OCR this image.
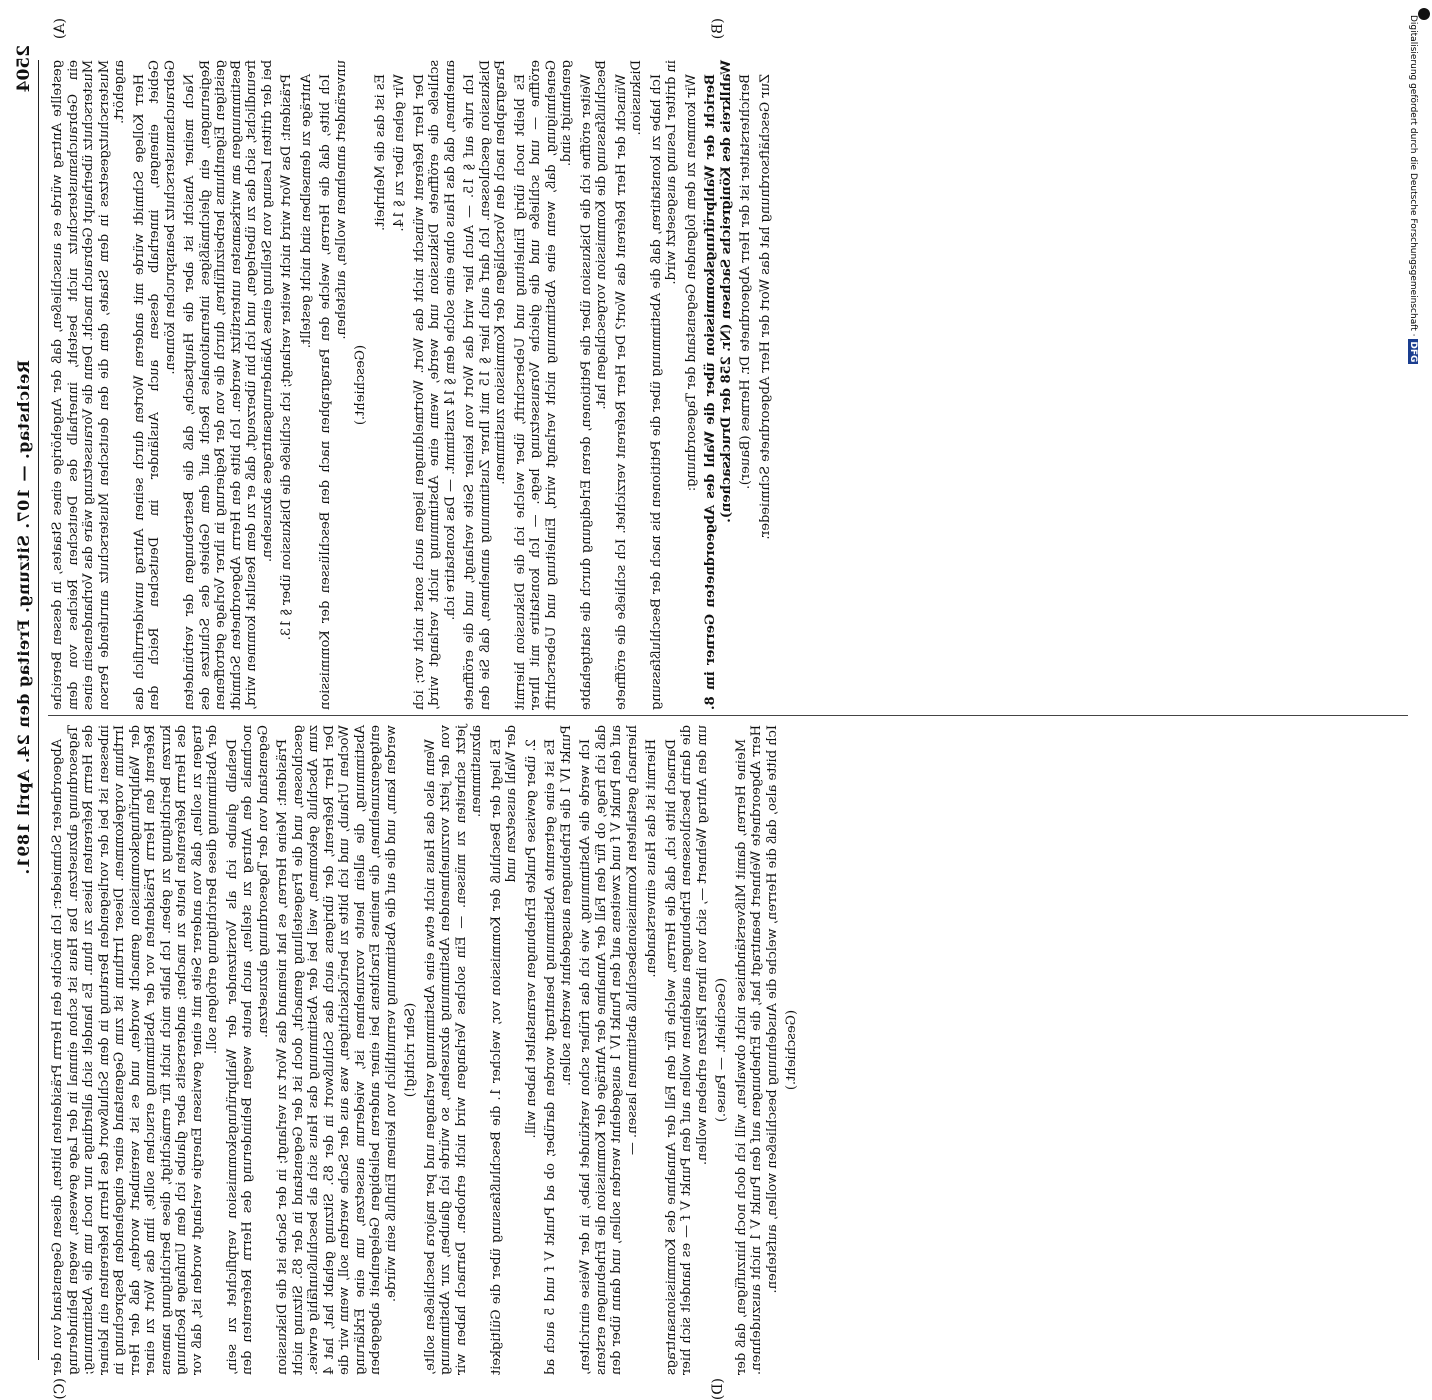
2504
Reichstag. — 107. Sitzung. Freitag den 24. April 1891.
(A)	(B)
(C)	(D)

gestellte Antrag würde es ausschließen, daß der Angehörige eines Staates, in dessen Bereiche ein Gebrauchsmusterschutz nicht besteht, innerhalb des Deutschen Reiches von dem Musterschutz überhaupt Gebrauch macht. Denn die Voraussetzung wäre das Vorhandensein eines Musterschutzgesetzes in dem Staate, dem die den deutschen Musterschutz anrufende Person angehört. Herr Kollege Schmidt würde mit anderen Worten durch seinen Antrag unwiderruflich das Gebiet einengen, innerhalb dessen auch Ausländer im Deutschen Reich den Gebrauchsmusterschutz beanspruchen können. Nach meiner Ansicht ist aber die Hauptsache, daß die Bestrebungen der verbündeten Regierungen, ein gleichmäßiges internationales Recht auf dem Gebiete des Schutzes des geistigen Eigenthums herbeizuführen, durch die von der Regierung in ihrer Vorlage getroffenen Bestimmungen am wirksamsten unterstützt werden. Ich bitte den Herrn Abgeordneten Schmidt freundlichst, sich das zu überlegen, und ich bin überzeugt, daß er zu dem Resultat kommen wird, bei der dritten Lesung von Stellung eines Abänderungsantrages abzusehen. Präsident: Das Wort wird nicht weiter verlangt; ich schließe die Diskussion über § 13. Anträge zu demselben sind nicht gestellt. Ich bitte, daß die Herren, welche den Paragraphen nach den Beschlüssen der Kommission unverändert annehmen wollen, aufstehen.

(Geschieht.)

Es ist das die Mehrheit. Wir gehen über zu § 14. Der Herr Referent wünscht nicht das Wort. Wortmeldungen liegen auch sonst nicht vor; ich schließe die eröffnete Diskussion und werde, wenn eine Abstimmung nicht verlangt wird, annehmen, daß das Haus ohne eine solche dem § 14 zustimmt. — Das konstatire ich. Ich rufe auf § 15. — Auch hier wird das Wort von keiner Seite verlangt, und die eröffnete Diskussion geschlossen. Ich darf auch hier § 15 mit Ihrer Zustimmung annehmen, daß Sie den Paragraphen nach den Vorschlägen der Kommission zustimmen. Es bleibt noch übrig Einleitung und Ueberschrift, über welche ich die Diskussion hiermit eröffne — und schließe und die gleiche Voraussetzung hege. — Ich konstatire mit Ihrer Genehmigung, daß, wenn eine Abstimmung nicht verlangt wird, Einleitung und Ueberschrift genehmigt sind. Weiter eröffne ich die Diskussion über die Petitionen, deren Erledigung durch die stattgehabte Beschlußfassung die Kommission vorgeschlagen hat. Wünscht der Herr Referent das Wort? Der Herr Referent verzichtet. Ich schließe die eröffnete Diskussion. Ich habe zu konstatiren, daß die Abstimmung über die Petitionen bis nach der Beschlußfassung in dritter Lesung ausgesetzt wird. Wir kommen zu dem folgenden Gegenstand der Tagesordnung: Bericht der Wahlprüfungskommission über die Wahl des Abgeordneten Gerner im 8. Wahlkreis des Königreichs Sachsen (Nr. 258 der Drucksachen). Berichterstatter ist der Herr Abgeordnete Dr. Hermes (Bauer). Zur Geschäftsordnung hat das Wort der Herr Abgeordnete Schmieder.

Abgeordneter Schmieder: Ich möchte den Herrn Präsidenten bitten, diesen Gegenstand von der Tagesordnung abzusetzen. Das Haus ist schon einmal in der Lage gewesen, wegen Behinderung des Herrn Referenten hiess zu thun. Es handelt sich allerdings nur noch um die Abstimmung; inbessen ist bei der vorliegenden Beratung in dem Schlußwort des Herrn Referenten ein kleiner Irrthum vorgekommen. Dieser Irrthum ist zum Gegenstand einer eingehenden Besprechung in der Wahlprüfungskommission gemacht worden, und es ist vereinbart worden, daß der Herr Referent den Herrn Präsidenten vor der Abstimmung ersuchen sollte, ihm das Wort zu einer kurzen Berichtigung zu geben. Ich halte mich nicht für ermächtigt, diese Berichtigung namens des Herrn Referenten heute zu machen; andererseits aber glaube ich dem Umfange Rechnung tragen zu sollen, daß von anderer Seite mit einer gewissen Energie verlangt worden ist, daß vor der Abstimmung diese Berichtigung erfolgen soll. Deshalb glaube ich als Vorsitzender der Wahlprüfungskommission verpflichtet zu sein, nochmals den Antrag zu stellen, auch heute wegen Behinderung des Herrn Referenten den Gegenstand von der Tagesordnung abzusetzen. Präsident: Meine Herren, es hat niemand das Wort zu verlangt; in der Sache ist die Diskussion geschlossen, und die Fragestellung gemacht, doch ist der Gegenstand in der 85. Sitzung nicht zum Abschluß gekommen, weil bei der Abstimmung das Haus sich als beschlußunfähig erwies. Der Herr Referent, der übrigens auch das Schlußwort in der 85. Sitzung gehabt hat, hat 4 Wochen Urlaub, und ich bitte zu berücksichtigen, was aus der Sache werden soll, wenn wir die Abstimmung, die allein heute vorzunehmen ist, wiederum aussetzen, um eine Erklärung entgegenzunehmen, die meines Erachtens bei einer anderen beliebigen Gelegenheit abgegeben werden kann, und die auf die Abstimmung vermuthlich von keinem Einfluß sein würde. (Sehr richtig!) Wenn also das Haus nicht etwa eine Abstimmung verlangen und per majora beschließen sollte, von der jetzt vorzunehmenden Abstimmung abzusehen, so würde ich glauben, zur Abstimmung jetzt schreiten zu müssen. — Ein solches Verlangen wird nicht erhoben. Darnach haben wir abzustimmen. Es liegt der Beschluß der Kommission vor, welcher 1. die Beschlußfassung über die Gültigkeit der Wahl aussetzen und 2. über gewisse Punkte Erhebungen veranstaltet haben will. Es ist eine getrennte Abstimmung beantragt worden darüber, ob ad Punkt V f und 5 auch ad Punkt IV 1 die Erhebungen ausgedehnt werden sollen. Ich werde die Abstimmung, wie ich das früher schon verkündet habe, in der Weise einrichten, daß ich frage, ob für den Fall der Annahme der Anträge der Kommission die Erhebungen erstens auf den Punkt V f und zweitens auf den Punkt IV 1 ausgedehnt werden sollen, und dann über den hiernach gestalteten Kommissionsbeschluß abstimmen lassen. — Hiermit ist das Haus einverstanden. Darnach bitte ich, daß die Herren, welche für den Fall der Annahme des Kommissionsantrags die darin beschlossenen Erhebungen ausdehnen wollen auf den Punkt V f — es handelt sich hier um den Antrag Wehnert —, sich von ihren Plätzen erheben wollen. (Geschieht. — Pause.) Meine Herren, damit Mißverständnisse nicht obwalten, will ich doch noch hinzufügen, daß der Herr Abgeordnete Wehnert beantragt hat, die Erhebungen auf den Punkt V 1 nicht auszudehnen. Ich bitte also, daß die Herren, welche die Ausdehnung beschließen wollen, aufstehen. (Geschieht.)

Digitalisierung gefördert durch die Deutsche Forschungsgemeinschaft · DFG
